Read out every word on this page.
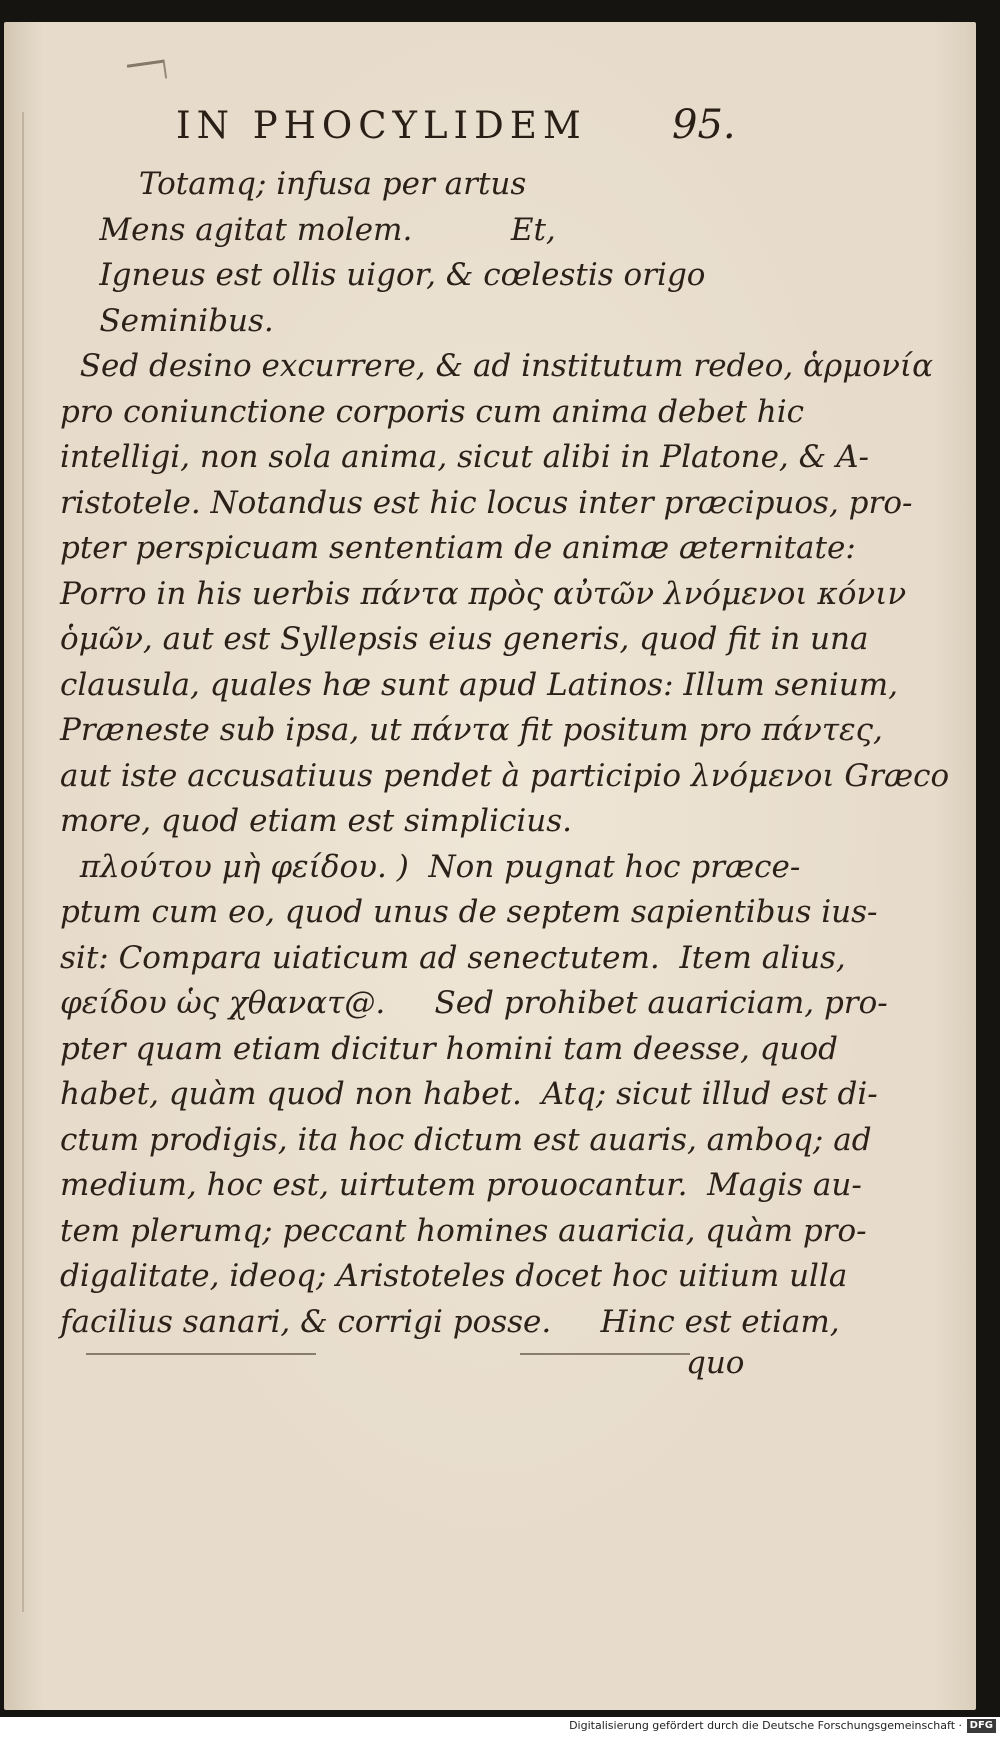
IN PHOCYLIDEM 95.
Totamq; infusa per artus
Mens agitat molem.          Et,
Igneus est ollis uigor, & cœlestis origo
Seminibus.
Sed desino excurrere, & ad institutum redeo, ἁρμονία
pro coniunctione corporis cum anima debet hic
intelligi, non sola anima, sicut alibi in Platone, & A-
ristotele. Notandus est hic locus inter præcipuos, pro-
pter perspicuam sententiam de animæ æternitate:
Porro in his uerbis πάντα πρὸς αὐτῶν λνόμενοι κόνιν
ὁμῶν, aut est Syllepsis eius generis, quod fit in una
clausula, quales hæ sunt apud Latinos: Illum senium,
Præneste sub ipsa, ut πάντα fit positum pro πάντες,
aut iste accusatiuus pendet à participio λνόμενοι Græco
more, quod etiam est simplicius.
πλούτου μὴ φείδου. )  Non pugnat hoc præce-
ptum cum eo, quod unus de septem sapientibus ius-
sit: Compara uiaticum ad senectutem.  Item alius,
φείδου ὡς χθανατ@.     Sed prohibet auariciam, pro-
pter quam etiam dicitur homini tam deesse, quod
habet, quàm quod non habet.  Atq; sicut illud est di-
ctum prodigis, ita hoc dictum est auaris, amboq; ad
medium, hoc est, uirtutem prouocantur.  Magis au-
tem plerumq; peccant homines auaricia, quàm pro-
digalitate, ideoq; Aristoteles docet hoc uitium ulla
facilius sanari, & corrigi posse.     Hinc est etiam,
quo
Digitalisierung gefördert durch die Deutsche Forschungsgemeinschaft · DFG
